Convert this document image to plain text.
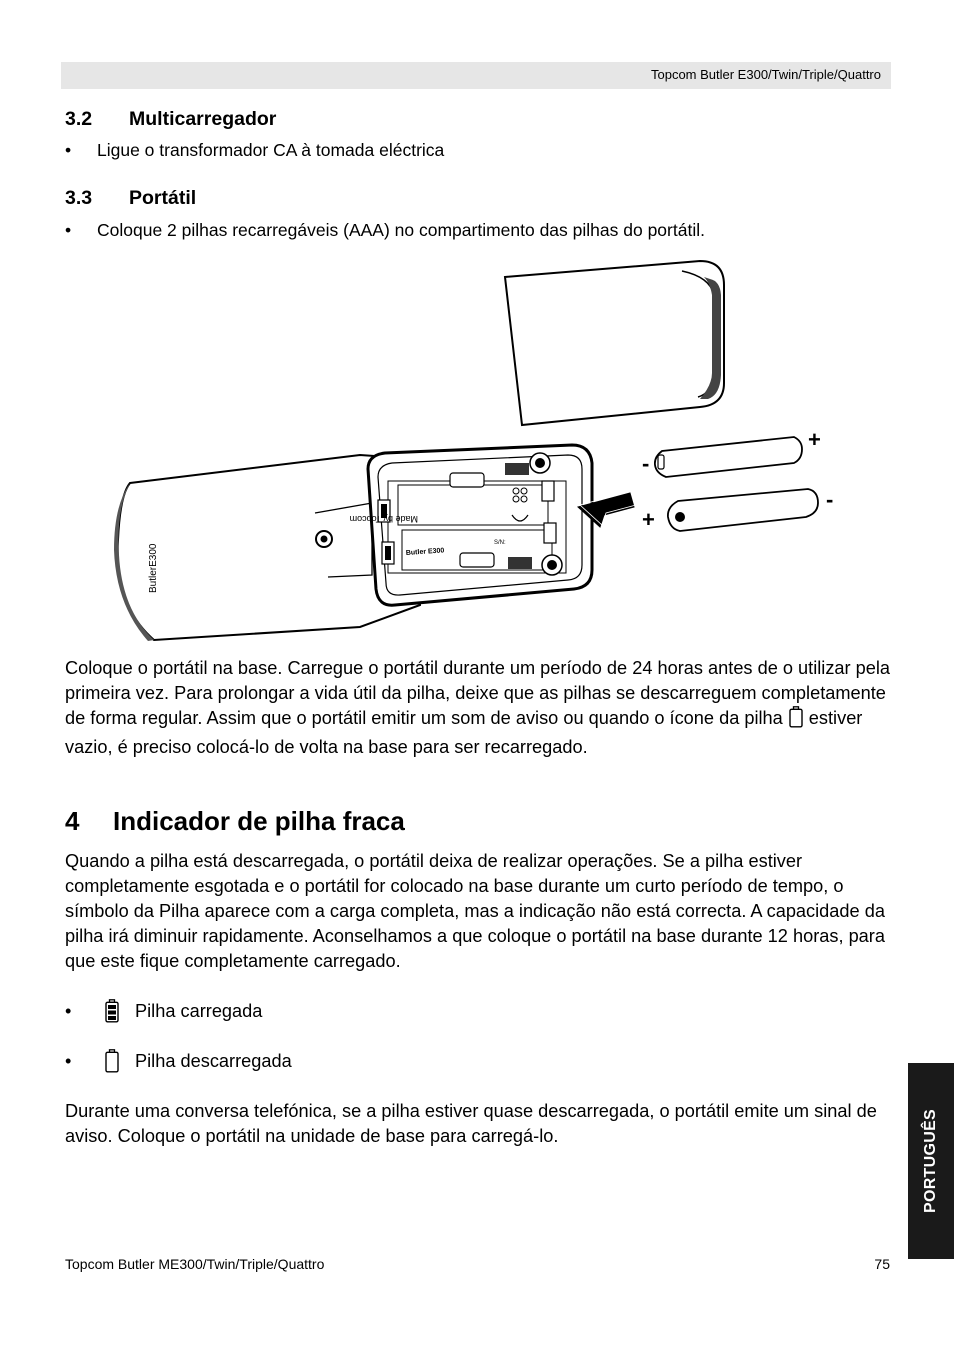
Topcom Butler E300/Twin/Triple/Quattro
3.2 Multicarregador
• Ligue o transformador CA à tomada eléctrica
3.3 Portátil
• Coloque 2 pilhas recarregáveis (AAA) no compartimento das pilhas do portátil.
ButlerE300
Made by Topcom
Butler E300
S/N:
-
+
+
-
Coloque o portátil na base. Carregue o portátil durante um período de 24 horas antes de o utilizar pela primeira vez. Para prolongar a vida útil da pilha, deixe que as pilhas se descarreguem completamente de forma regular. Assim que o portátil emitir um som de aviso ou quando o ícone da pilha estiver vazio, é preciso colocá-lo de volta na base para ser recarregado.
4 Indicador de pilha fraca
Quando a pilha está descarregada, o portátil deixa de realizar operações. Se a pilha estiver completamente esgotada e o portátil for colocado na base durante um curto período de tempo, o símbolo da Pilha aparece com a carga completa, mas a indicação não está correcta. A capacidade da pilha irá diminuir rapidamente. Aconselhamos a que coloque o portátil na base durante 12 horas, para que este fique completamente carregado.
•	Pilha carregada
•	Pilha descarregada
Durante uma conversa telefónica, se a pilha estiver quase descarregada, o portátil emite um sinal de aviso. Coloque o portátil na unidade de base para carregá-lo.	PORTUGUÊS
Topcom Butler ME300/Twin/Triple/Quattro	75
